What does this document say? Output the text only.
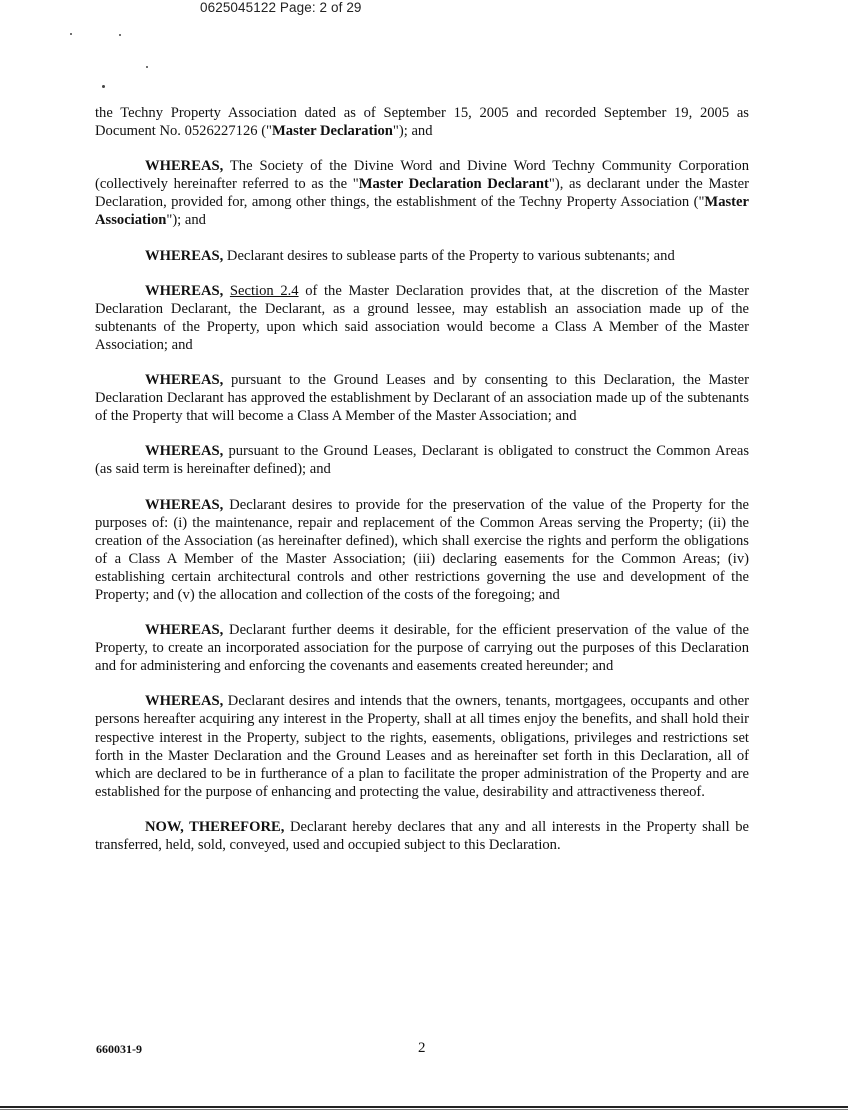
0625045122 Page: 2 of 29

the Techny Property Association dated as of September 15, 2005 and recorded September 19, 2005 as Document No. 0526227126 ("Master Declaration"); and

WHEREAS, The Society of the Divine Word and Divine Word Techny Community Corporation (collectively hereinafter referred to as the "Master Declaration Declarant"), as declarant under the Master Declaration, provided for, among other things, the establishment of the Techny Property Association ("Master Association"); and

WHEREAS, Declarant desires to sublease parts of the Property to various subtenants; and

WHEREAS, Section 2.4 of the Master Declaration provides that, at the discretion of the Master Declaration Declarant, the Declarant, as a ground lessee, may establish an association made up of the subtenants of the Property, upon which said association would become a Class A Member of the Master Association; and

WHEREAS, pursuant to the Ground Leases and by consenting to this Declaration, the Master Declaration Declarant has approved the establishment by Declarant of an association made up of the subtenants of the Property that will become a Class A Member of the Master Association; and

WHEREAS, pursuant to the Ground Leases, Declarant is obligated to construct the Common Areas (as said term is hereinafter defined); and

WHEREAS, Declarant desires to provide for the preservation of the value of the Property for the purposes of: (i) the maintenance, repair and replacement of the Common Areas serving the Property; (ii) the creation of the Association (as hereinafter defined), which shall exercise the rights and perform the obligations of a Class A Member of the Master Association; (iii) declaring easements for the Common Areas; (iv) establishing certain architectural controls and other restrictions governing the use and development of the Property; and (v) the allocation and collection of the costs of the foregoing; and

WHEREAS, Declarant further deems it desirable, for the efficient preservation of the value of the Property, to create an incorporated association for the purpose of carrying out the purposes of this Declaration and for administering and enforcing the covenants and easements created hereunder; and

WHEREAS, Declarant desires and intends that the owners, tenants, mortgagees, occupants and other persons hereafter acquiring any interest in the Property, shall at all times enjoy the benefits, and shall hold their respective interest in the Property, subject to the rights, easements, obligations, privileges and restrictions set forth in the Master Declaration and the Ground Leases and as hereinafter set forth in this Declaration, all of which are declared to be in furtherance of a plan to facilitate the proper administration of the Property and are established for the purpose of enhancing and protecting the value, desirability and attractiveness thereof.

NOW, THEREFORE, Declarant hereby declares that any and all interests in the Property shall be transferred, held, sold, conveyed, used and occupied subject to this Declaration.

660031-9	2
